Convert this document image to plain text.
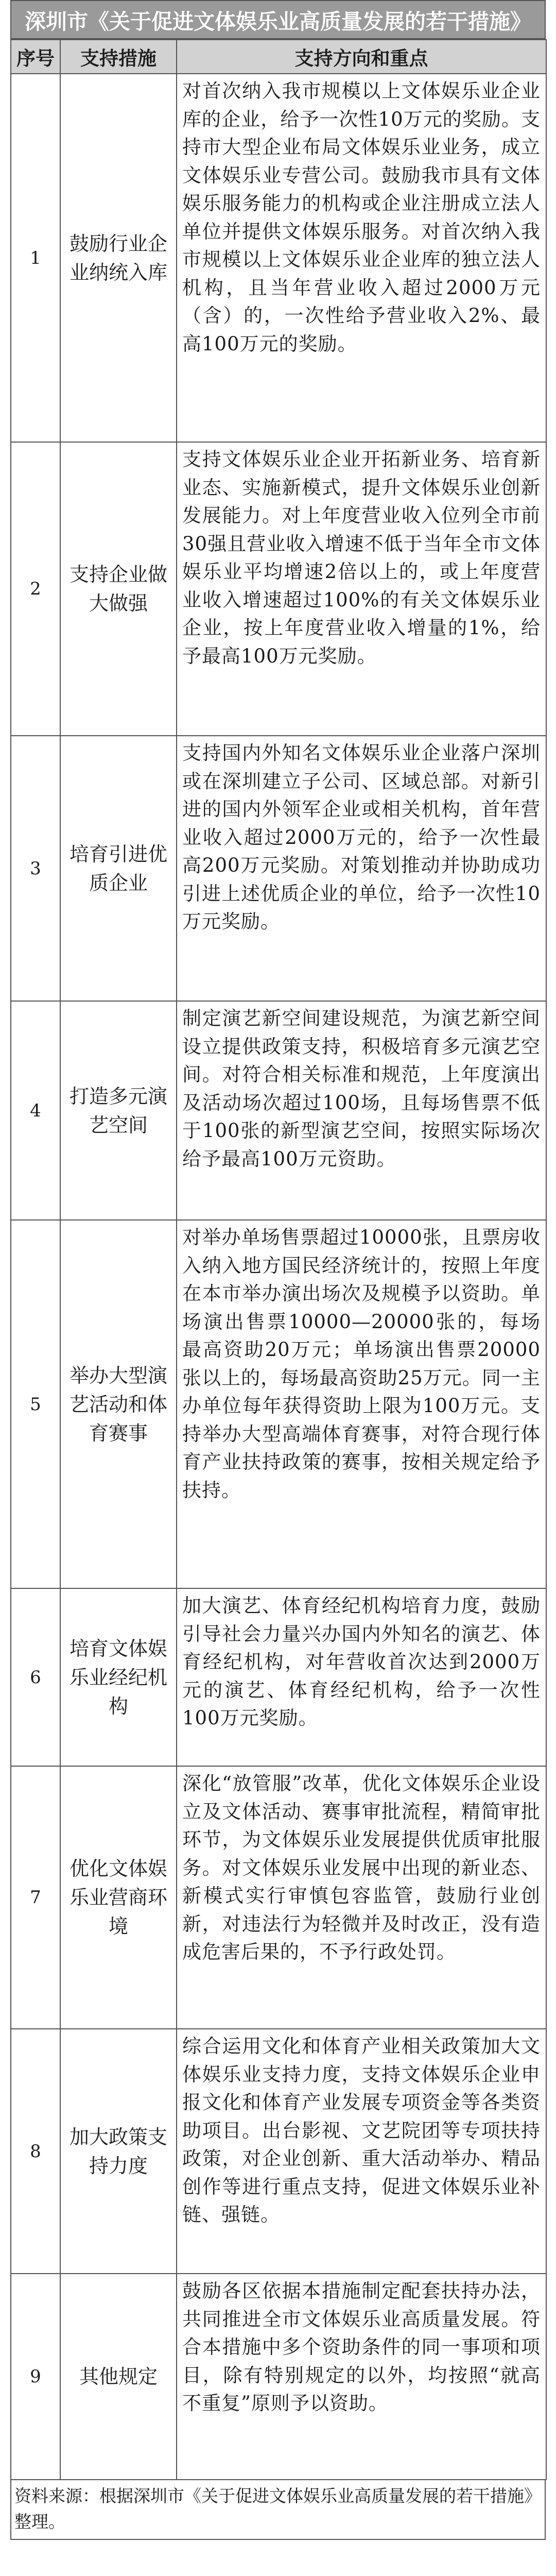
深圳市《关于促进文体娱乐业高质量发展的若干措施》
序号	支持措施	支持方向和重点
1	鼓励行业企业纳统入库	对首次纳入我市规模以上文体娱乐业企业库的企业，给予一次性10万元的奖励。支持市大型企业布局文体娱乐业业务，成立文体娱乐业专营公司。鼓励我市具有文体娱乐服务能力的机构或企业注册成立法人单位并提供文体娱乐服务。对首次纳入我市规模以上文体娱乐业企业库的独立法人机构，且当年营业收入超过2000万元（含）的，一次性给予营业收入2%、最高100万元的奖励。
2	支持企业做大做强	支持文体娱乐业企业开拓新业务、培育新业态、实施新模式，提升文体娱乐业创新发展能力。对上年度营业收入位列全市前30强且营业收入增速不低于当年全市文体娱乐业平均增速2倍以上的，或上年度营业收入增速超过100%的有关文体娱乐业企业，按上年度营业收入增量的1%，给予最高100万元奖励。
3	培育引进优质企业	支持国内外知名文体娱乐业企业落户深圳或在深圳建立子公司、区域总部。对新引进的国内外领军企业或相关机构，首年营业收入超过2000万元的，给予一次性最高200万元奖励。对策划推动并协助成功引进上述优质企业的单位，给予一次性10万元奖励。
4	打造多元演艺空间	制定演艺新空间建设规范，为演艺新空间设立提供政策支持，积极培育多元演艺空间。对符合相关标准和规范，上年度演出及活动场次超过100场，且每场售票不低于100张的新型演艺空间，按照实际场次给予最高100万元资助。
5	举办大型演艺活动和体育赛事	对举办单场售票超过10000张，且票房收入纳入地方国民经济统计的，按照上年度在本市举办演出场次及规模予以资助。单场演出售票10000—20000张的，每场最高资助20万元；单场演出售票20000张以上的，每场最高资助25万元。同一主办单位每年获得资助上限为100万元。支持举办大型高端体育赛事，对符合现行体育产业扶持政策的赛事，按相关规定给予扶持。
6	培育文体娱乐业经纪机构	加大演艺、体育经纪机构培育力度，鼓励引导社会力量兴办国内外知名的演艺、体育经纪机构，对年营收首次达到2000万元的演艺、体育经纪机构，给予一次性100万元奖励。
7	优化文体娱乐业营商环境	深化“放管服”改革，优化文体娱乐企业设立及文体活动、赛事审批流程，精简审批环节，为文体娱乐业发展提供优质审批服务。对文体娱乐业发展中出现的新业态、新模式实行审慎包容监管，鼓励行业创新，对违法行为轻微并及时改正，没有造成危害后果的，不予行政处罚。
8	加大政策支持力度	综合运用文化和体育产业相关政策加大文体娱乐业支持力度，支持文体娱乐企业申报文化和体育产业发展专项资金等各类资助项目。出台影视、文艺院团等专项扶持政策，对企业创新、重大活动举办、精品创作等进行重点支持，促进文体娱乐业补链、强链。
9	其他规定	鼓励各区依据本措施制定配套扶持办法，共同推进全市文体娱乐业高质量发展。符合本措施中多个资助条件的同一事项和项目，除有特别规定的以外，均按照“就高不重复”原则予以资助。
资料来源：根据深圳市《关于促进文体娱乐业高质量发展的若干措施》整理。
